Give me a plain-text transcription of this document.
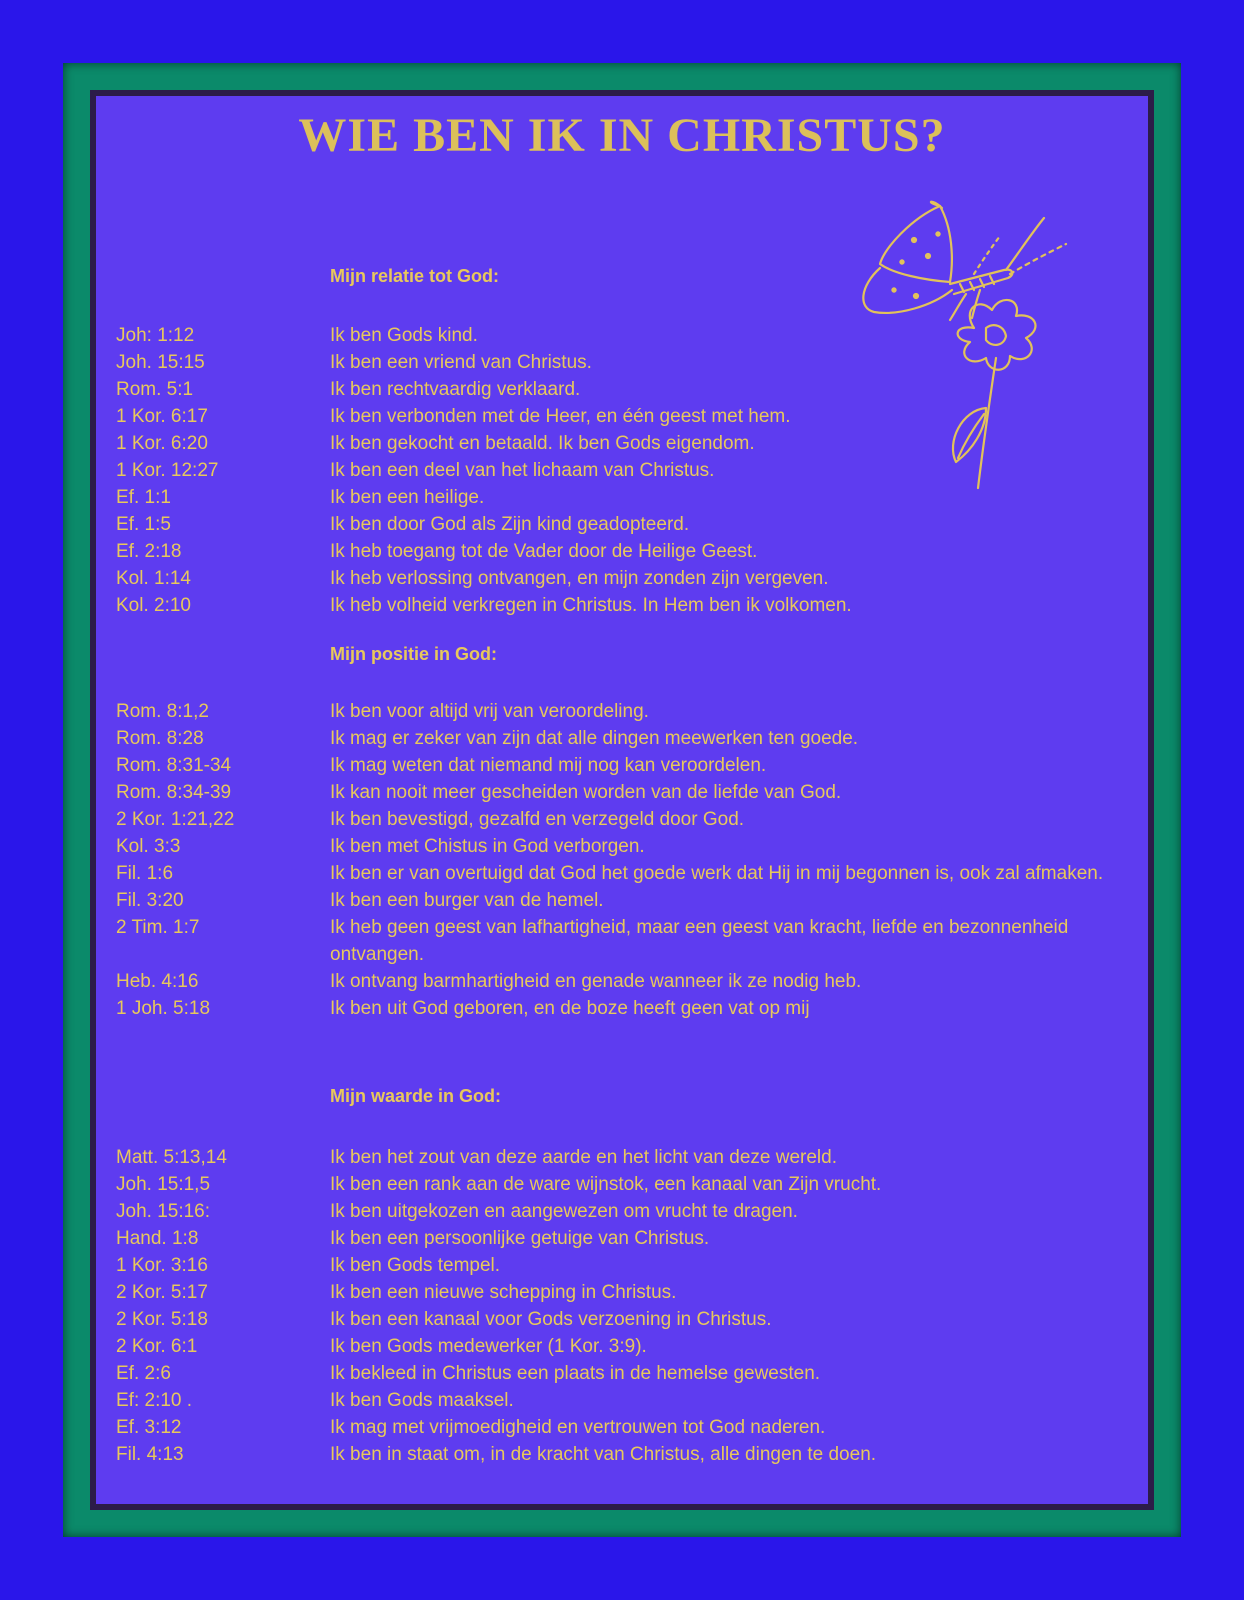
WIE BEN IK IN CHRISTUS?
Mijn relatie tot God:
Joh: 1:12	Ik ben Gods kind.
Joh. 15:15	Ik ben een vriend van Christus.
Rom. 5:1	Ik ben rechtvaardig verklaard.
1 Kor. 6:17	Ik ben verbonden met de Heer, en één geest met hem.
1 Kor. 6:20	Ik ben gekocht en betaald. Ik ben Gods eigendom.
1 Kor. 12:27	Ik ben een deel van het lichaam van Christus.
Ef. 1:1	Ik ben een heilige.
Ef. 1:5	Ik ben door God als Zijn kind geadopteerd.
Ef. 2:18	Ik heb toegang tot de Vader door de Heilige Geest.
Kol. 1:14	Ik heb verlossing ontvangen, en mijn zonden zijn vergeven.
Kol. 2:10	Ik heb volheid verkregen in Christus. In Hem ben ik volkomen.
Mijn positie in God:
Rom. 8:1,2	Ik ben voor altijd vrij van veroordeling.
Rom. 8:28	Ik mag er zeker van zijn dat alle dingen meewerken ten goede.
Rom. 8:31-34	Ik mag weten dat niemand mij nog kan veroordelen.
Rom. 8:34-39	Ik kan nooit meer gescheiden worden van de liefde van God.
2 Kor. 1:21,22	Ik ben bevestigd, gezalfd en verzegeld door God.
Kol. 3:3	Ik ben met Chistus in God verborgen.
Fil. 1:6	Ik ben er van overtuigd dat God het goede werk dat Hij in mij begonnen is, ook zal afmaken.
Fil. 3:20	Ik ben een burger van de hemel.
2 Tim. 1:7	Ik heb geen geest van lafhartigheid, maar een geest van kracht, liefde en bezonnenheid ontvangen.
Heb. 4:16	Ik ontvang barmhartigheid en genade wanneer ik ze nodig heb.
1 Joh. 5:18	Ik ben uit God geboren, en de boze heeft geen vat op mij
Mijn waarde in God:
Matt. 5:13,14	Ik ben het zout van deze aarde en het licht van deze wereld.
Joh. 15:1,5	Ik ben een rank aan de ware wijnstok, een kanaal van Zijn vrucht.
Joh. 15:16:	Ik ben uitgekozen en aangewezen om vrucht te dragen.
Hand. 1:8	Ik ben een persoonlijke getuige van Christus.
1 Kor. 3:16	Ik ben Gods tempel.
2 Kor. 5:17	Ik ben een nieuwe schepping in Christus.
2 Kor. 5:18	Ik ben een kanaal voor Gods verzoening in Christus.
2 Kor. 6:1	Ik ben Gods medewerker (1 Kor. 3:9).
Ef. 2:6	Ik bekleed in Christus een plaats in de hemelse gewesten.
Ef: 2:10 .	Ik ben Gods maaksel.
Ef. 3:12	Ik mag met vrijmoedigheid en vertrouwen tot God naderen.
Fil. 4:13	Ik ben in staat om, in de kracht van Christus, alle dingen te doen.
